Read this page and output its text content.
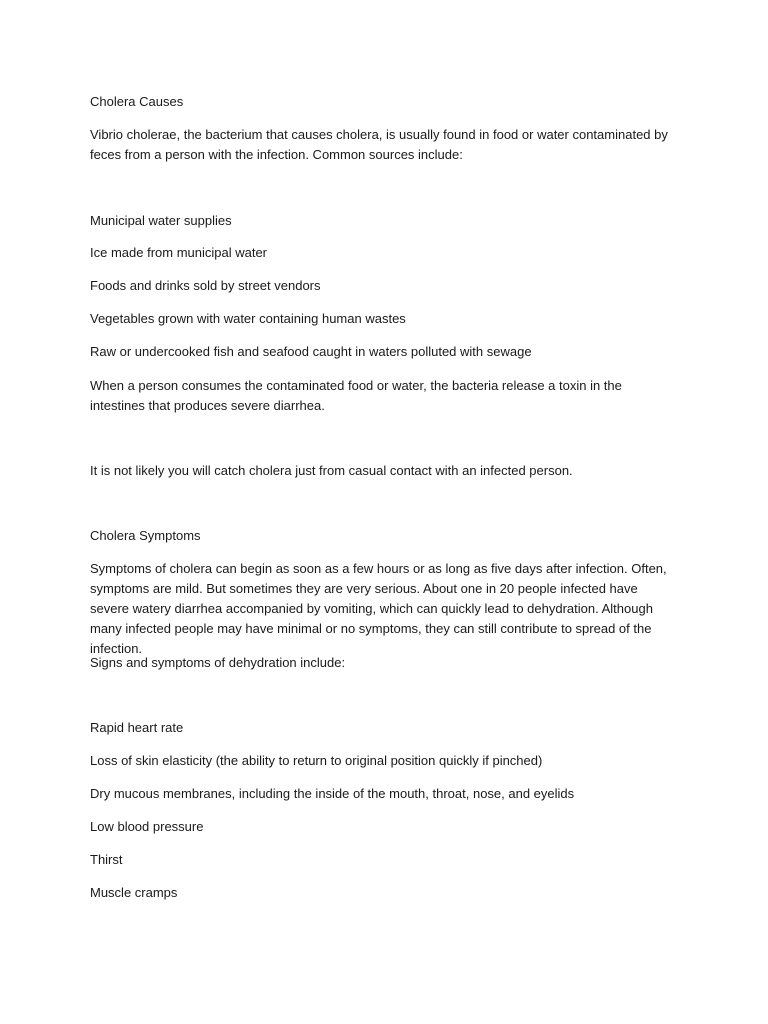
Cholera Causes

Vibrio cholerae, the bacterium that causes cholera, is usually found in food or water contaminated by feces from a person with the infection. Common sources include:

Municipal water supplies

Ice made from municipal water

Foods and drinks sold by street vendors

Vegetables grown with water containing human wastes

Raw or undercooked fish and seafood caught in waters polluted with sewage

When a person consumes the contaminated food or water, the bacteria release a toxin in the intestines that produces severe diarrhea.

It is not likely you will catch cholera just from casual contact with an infected person.

Cholera Symptoms

Symptoms of cholera can begin as soon as a few hours or as long as five days after infection. Often, symptoms are mild. But sometimes they are very serious. About one in 20 people infected have severe watery diarrhea accompanied by vomiting, which can quickly lead to dehydration. Although many infected people may have minimal or no symptoms, they can still contribute to spread of the infection.

Signs and symptoms of dehydration include:

Rapid heart rate

Loss of skin elasticity (the ability to return to original position quickly if pinched)

Dry mucous membranes, including the inside of the mouth, throat, nose, and eyelids

Low blood pressure

Thirst

Muscle cramps
